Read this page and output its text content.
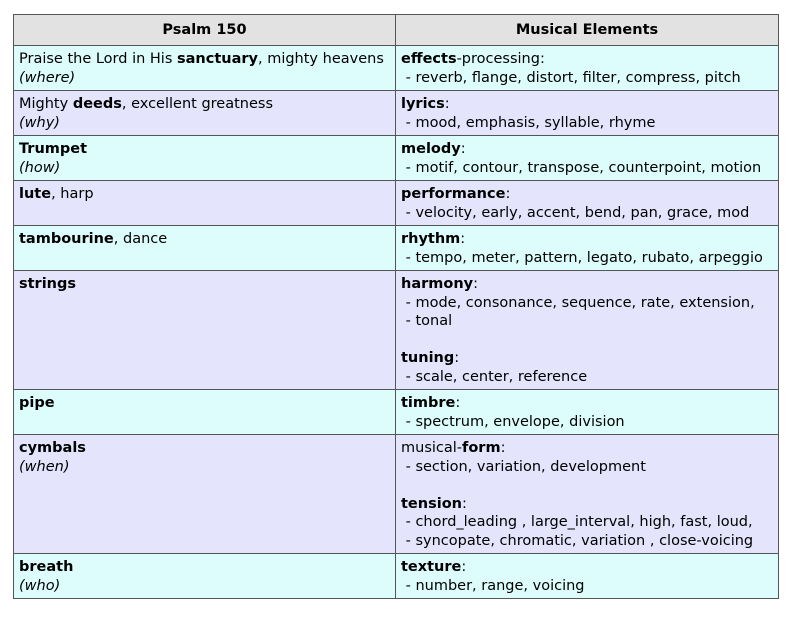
Psalm 150	Musical Elements

Praise the Lord in His sanctuary, mighty heavens
(where)	effects-processing:
- reverb, flange, distort, filter, compress, pitch

Mighty deeds, excellent greatness
(why)	lyrics:
- mood, emphasis, syllable, rhyme

Trumpet
(how)	melody:
- motif, contour, transpose, counterpoint, motion

lute, harp	performance:
- velocity, early, accent, bend, pan, grace, mod

tambourine, dance	rhythm:
- tempo, meter, pattern, legato, rubato, arpeggio

strings	harmony:
- mode, consonance, sequence, rate, extension,
- tonal
tuning:
- scale, center, reference

pipe	timbre:
- spectrum, envelope, division

cymbals
(when)	musical-form:
- section, variation, development
tension:
- chord_leading , large_interval, high, fast, loud,
- syncopate, chromatic, variation , close-voicing

breath
(who)	texture:
- number, range, voicing
